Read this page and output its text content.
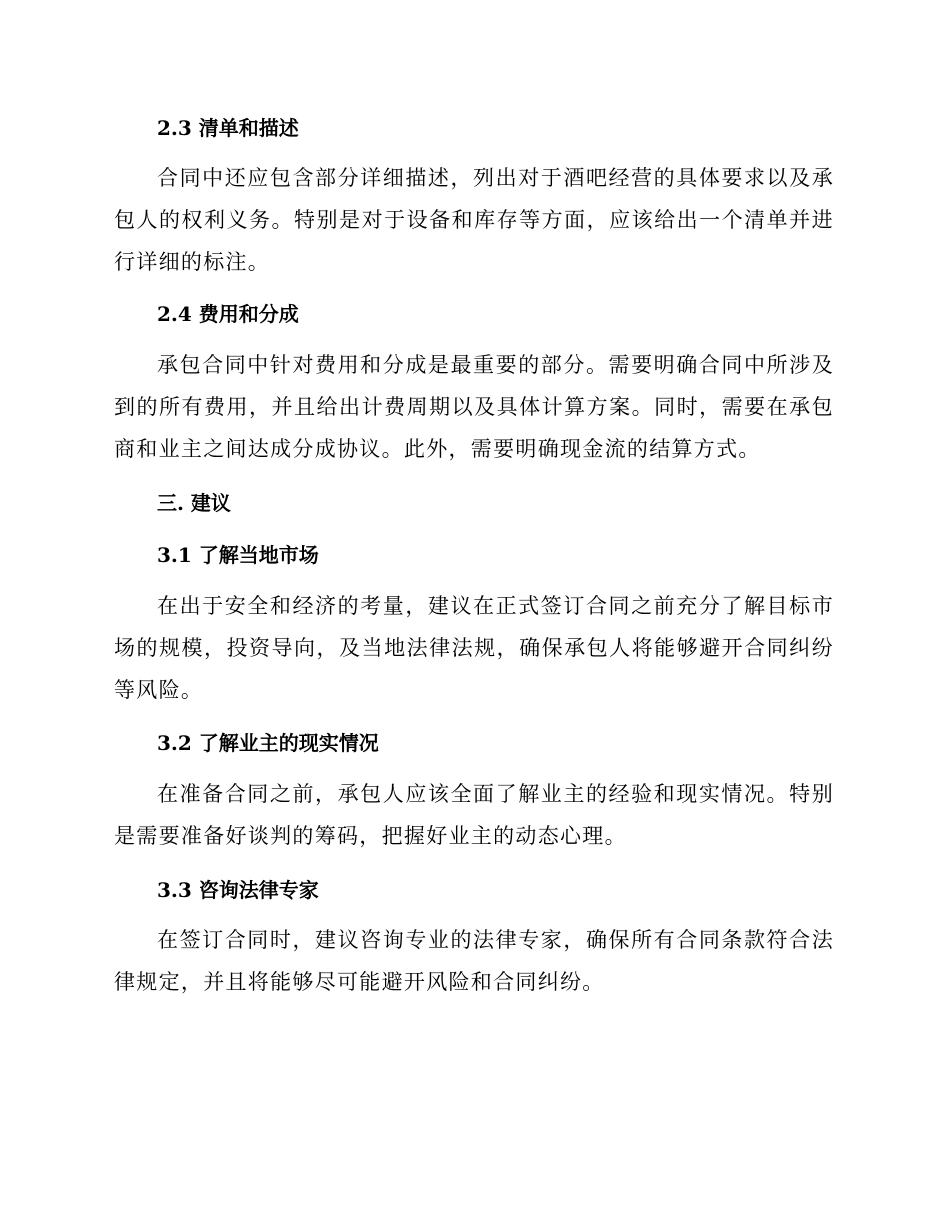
2.3 清单和描述
合同中还应包含部分详细描述，列出对于酒吧经营的具体要求以及承包人的权利义务。特别是对于设备和库存等方面，应该给出一个清单并进行详细的标注。
2.4 费用和分成
承包合同中针对费用和分成是最重要的部分。需要明确合同中所涉及到的所有费用，并且给出计费周期以及具体计算方案。同时，需要在承包商和业主之间达成分成协议。此外，需要明确现金流的结算方式。
三. 建议
3.1 了解当地市场
在出于安全和经济的考量，建议在正式签订合同之前充分了解目标市场的规模，投资导向，及当地法律法规，确保承包人将能够避开合同纠纷等风险。
3.2 了解业主的现实情况
在准备合同之前，承包人应该全面了解业主的经验和现实情况。特别是需要准备好谈判的筹码，把握好业主的动态心理。
3.3 咨询法律专家
在签订合同时，建议咨询专业的法律专家，确保所有合同条款符合法律规定，并且将能够尽可能避开风险和合同纠纷。
